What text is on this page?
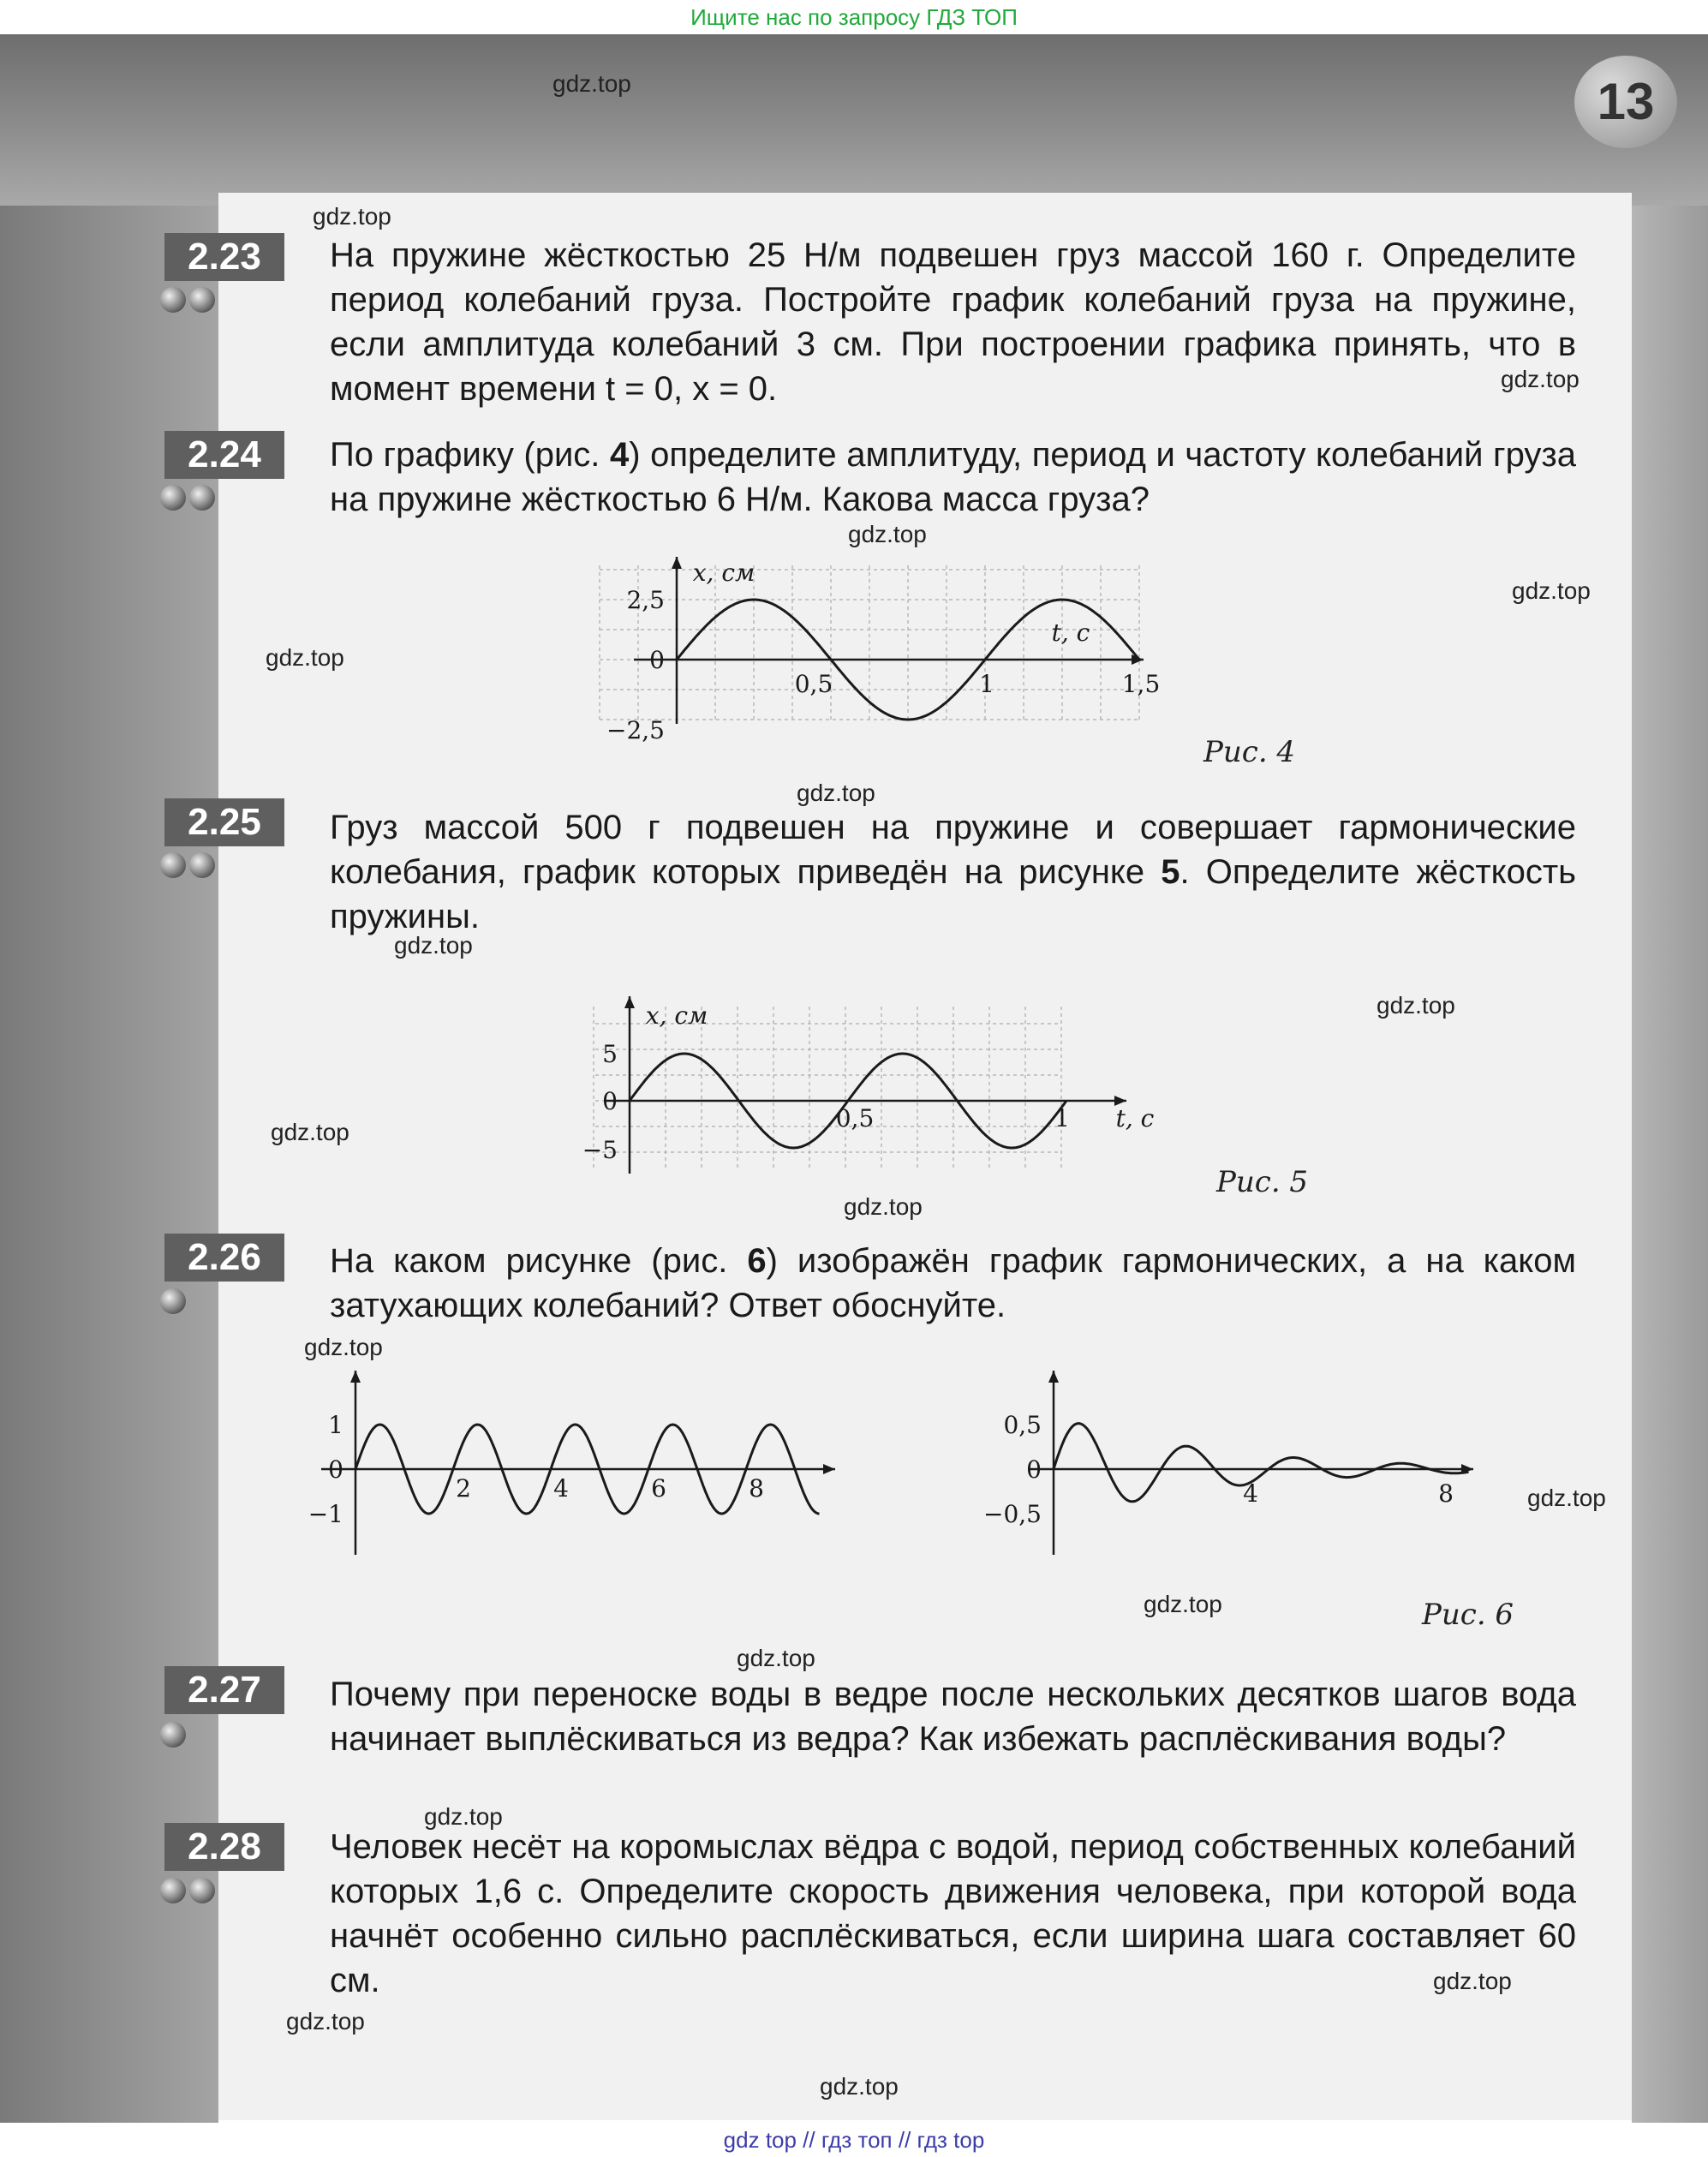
Ищите нас по запросу ГДЗ ТОП
13
gdz.top
gdz.top
gdz.top
gdz.top
gdz.top
gdz.top
gdz.top
gdz.top
gdz.top
gdz.top
gdz.top
gdz.top
gdz.top
gdz.top
gdz.top
gdz.top
gdz.top
gdz.top
gdz.top
2.23	На пружине жёсткостью 25 Н/м подвешен груз массой 160 г. Определите период колебаний груза. Постройте график колебаний груза на пружине, если амплитуда колебаний 3 см. При построении графика принять, что в момент времени t = 0, x = 0.

2.24	По графику (рис. 4) определите амплитуду, период и частоту колебаний груза на пружине жёсткостью 6 Н/м. Какова масса груза?

x, см
t, с
2,5
0
−2,5
0,5	1	1,5
Рис. 4
2.25	Груз массой 500 г подвешен на пружине и совершает гармонические колебания, график которых приведён на рисунке 5. Определите жёсткость пружины.

x, см
t, с
5
0
−5
0,5	1
Рис. 5
2.26	На каком рисунке (рис. 6) изображён график гармонических, а на каком затухающих колебаний? Ответ обоснуйте.

1
0
−1
2	4	6	8
0,5
0
−0,5
4	8
Рис. 6
2.27	Почему при переноске воды в ведре после нескольких десятков шагов вода начинает выплёскиваться из ведра? Как избежать расплёскивания воды?

2.28	Человек несёт на коромыслах вёдра с водой, период собственных колебаний которых 1,6 с. Определите скорость движения человека, при которой вода начнёт особенно сильно расплёскиваться, если ширина шага составляет 60 см.

gdz top // гдз топ // гдз top
